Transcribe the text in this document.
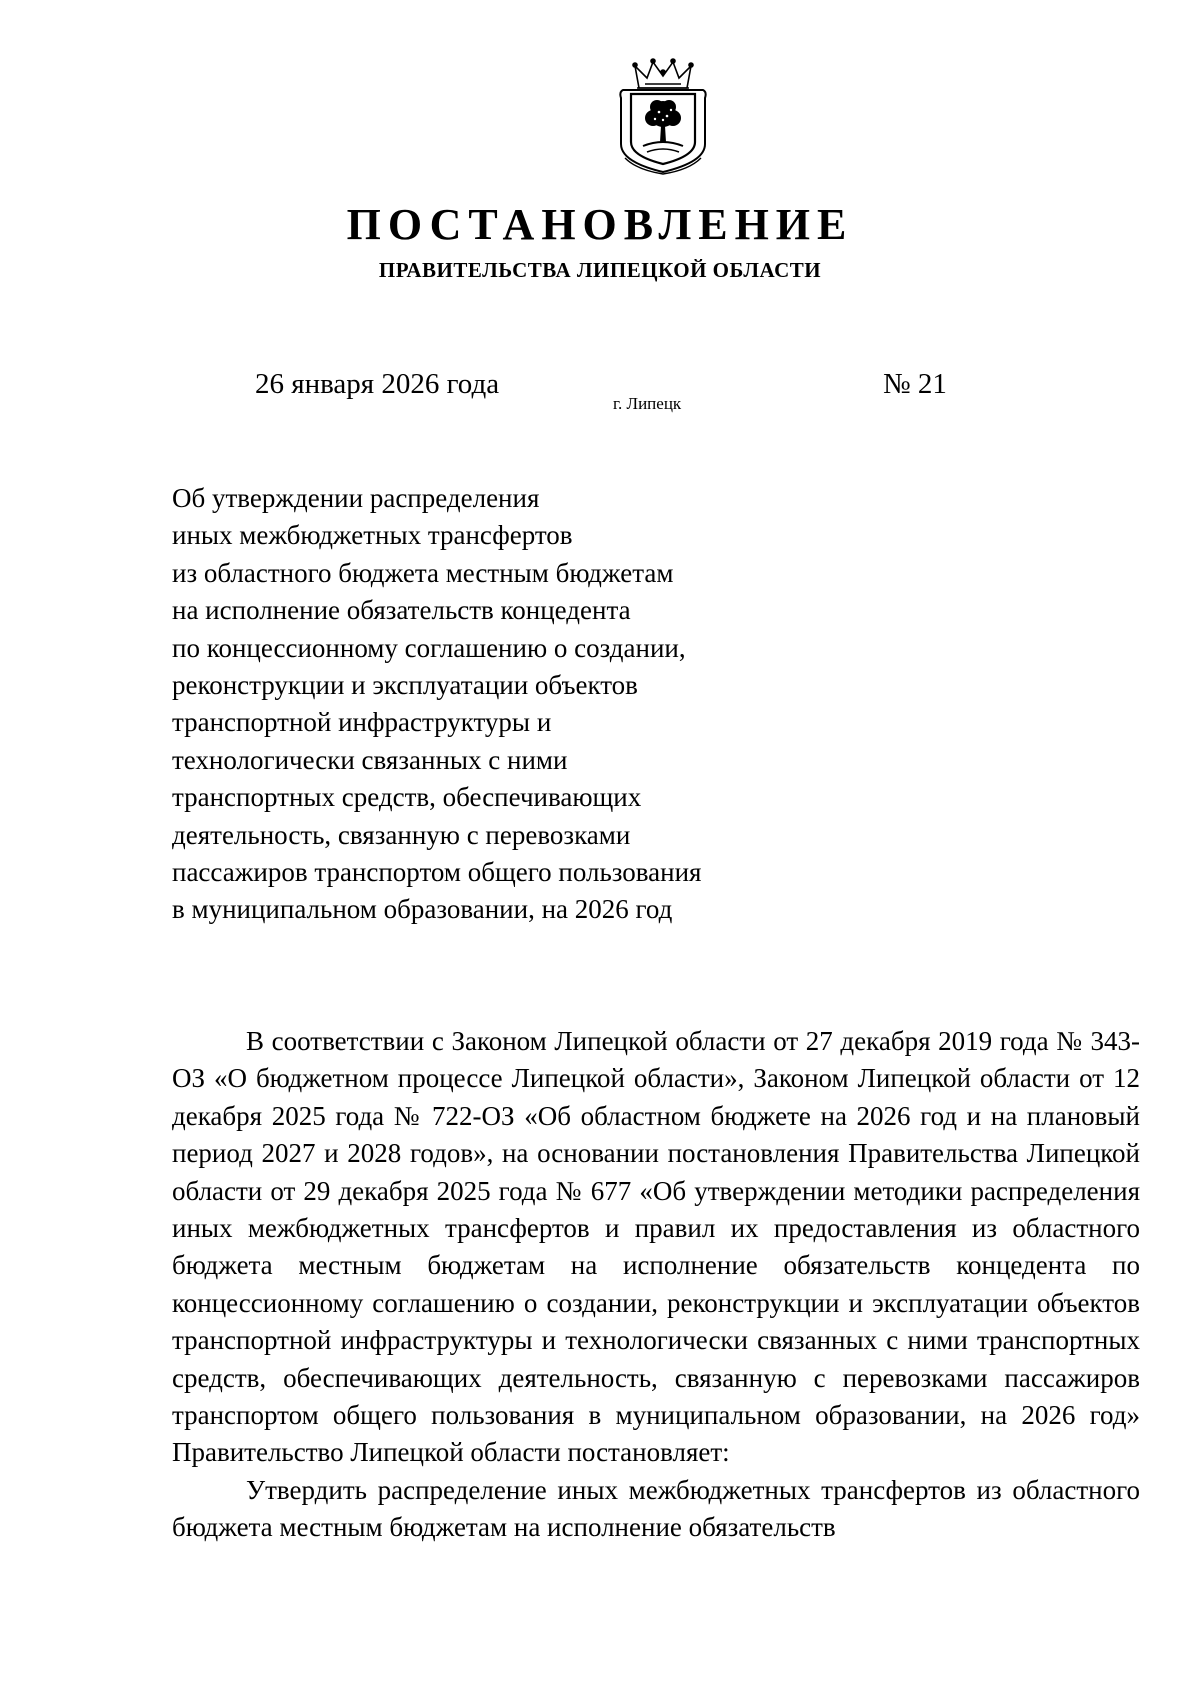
ПОСТАНОВЛЕНИЕ
ПРАВИТЕЛЬСТВА ЛИПЕЦКОЙ ОБЛАСТИ
26 января 2026 года
г. Липецк
№ 21
Об утверждении распределения
иных межбюджетных трансфертов
из областного бюджета местным бюджетам
на исполнение обязательств концедента
по концессионному соглашению о создании,
реконструкции и эксплуатации объектов
транспортной инфраструктуры и
технологически связанных с ними
транспортных средств, обеспечивающих
деятельность, связанную с перевозками
пассажиров транспортом общего пользования
в муниципальном образовании, на 2026 год

В соответствии с Законом Липецкой области от 27 декабря 2019 года № 343-ОЗ «О бюджетном процессе Липецкой области», Законом Липецкой области от 12 декабря 2025 года № 722-ОЗ «Об областном бюджете на 2026 год и на плановый период 2027 и 2028 годов», на основании постановления Правительства Липецкой области от 29 декабря 2025 года № 677 «Об утверждении методики распределения иных межбюджетных трансфертов и правил их предоставления из областного бюджета местным бюджетам на исполнение обязательств концедента по концессионному соглашению о создании, реконструкции и эксплуатации объектов транспортной инфраструктуры и технологически связанных с ними транспортных средств, обеспечивающих деятельность, связанную с перевозками пассажиров транспортом общего пользования в муниципальном образовании, на 2026 год» Правительство Липецкой области постановляет:

Утвердить распределение иных межбюджетных трансфертов из областного бюджета местным бюджетам на исполнение обязательств
